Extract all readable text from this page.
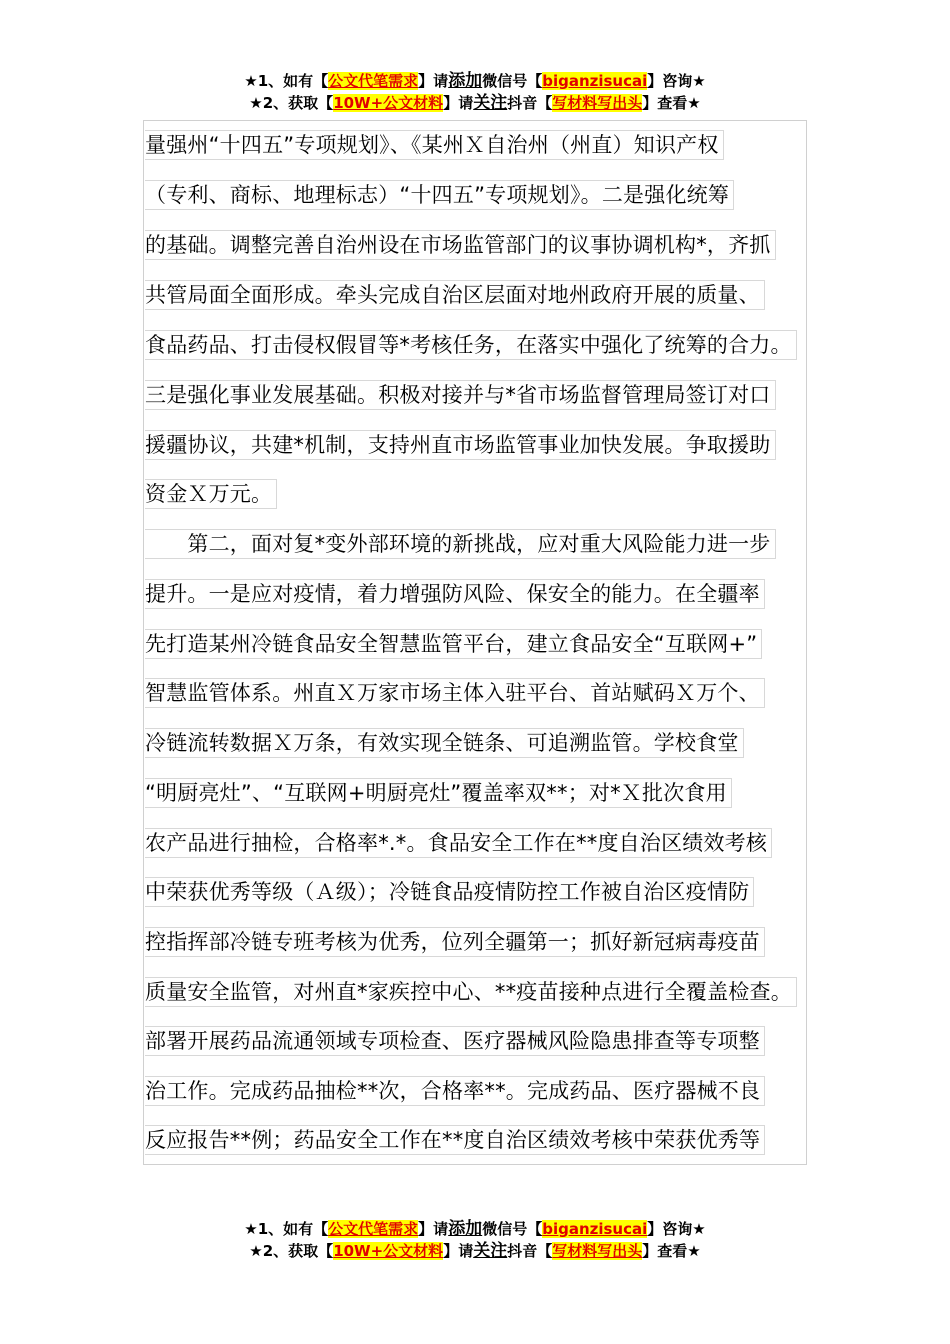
★1、如有【公文代笔需求】请添加微信号【biganzisucai】咨询★
★2、获取【10W+公文材料】请关注抖音【写材料写出头】查看★
量强州“十四五”专项规划》、《某州Ｘ自治州（州直）知识产权
（专利、商标、地理标志）“十四五”专项规划》。二是强化统筹
的基础。调整完善自治州设在市场监管部门的议事协调机构*，齐抓
共管局面全面形成。牵头完成自治区层面对地州政府开展的质量、
食品药品、打击侵权假冒等*考核任务，在落实中强化了统筹的合力。
三是强化事业发展基础。积极对接并与*省市场监督管理局签订对口
援疆协议，共建*机制，支持州直市场监管事业加快发展。争取援助
资金Ｘ万元。
　　第二，面对复*变外部环境的新挑战，应对重大风险能力进一步
提升。一是应对疫情，着力增强防风险、保安全的能力。在全疆率
先打造某州冷链食品安全智慧监管平台，建立食品安全“互联网+”
智慧监管体系。州直Ｘ万家市场主体入驻平台、首站赋码Ｘ万个、
冷链流转数据Ｘ万条，有效实现全链条、可追溯监管。学校食堂
“明厨亮灶”、“互联网+明厨亮灶”覆盖率双**；对*Ｘ批次食用
农产品进行抽检，合格率*.*。食品安全工作在**度自治区绩效考核
中荣获优秀等级（Ａ级）；冷链食品疫情防控工作被自治区疫情防
控指挥部冷链专班考核为优秀，位列全疆第一；抓好新冠病毒疫苗
质量安全监管，对州直*家疾控中心、**疫苗接种点进行全覆盖检查。
部署开展药品流通领域专项检查、医疗器械风险隐患排查等专项整
治工作。完成药品抽检**次，合格率**。完成药品、医疗器械不良
反应报告**例；药品安全工作在**度自治区绩效考核中荣获优秀等
★1、如有【公文代笔需求】请添加微信号【biganzisucai】咨询★
★2、获取【10W+公文材料】请关注抖音【写材料写出头】查看★
